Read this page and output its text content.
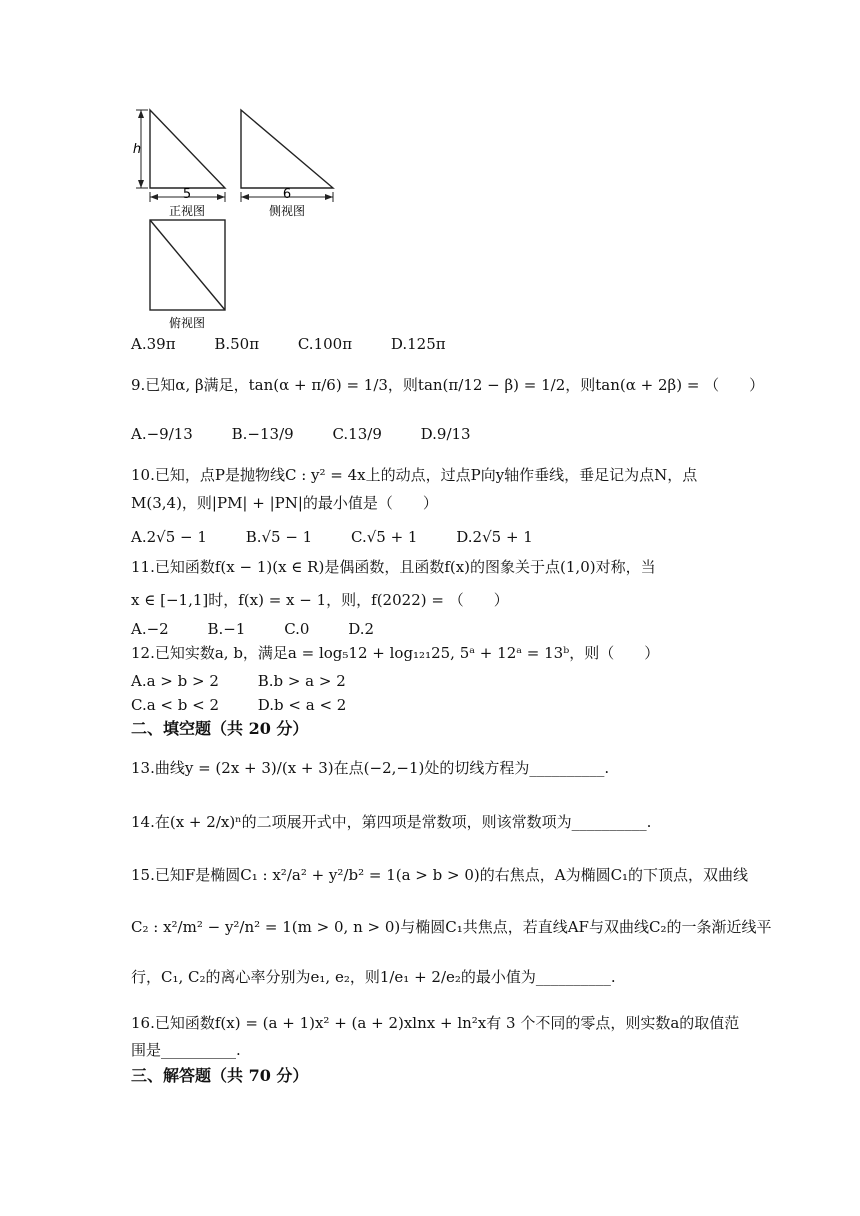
h
5
正视图
6
侧视图
俯视图
A.39π	B.50π	C.100π	D.125π
9.已知α, β满足，tan(α + π/6) = 1/3，则tan(π/12 − β) = 1/2，则tan(α + 2β) = （　　）
A.−9/13	B.−13/9	C.13/9	D.9/13
10.已知，点P是抛物线C : y² = 4x上的动点，过点P向y轴作垂线，垂足记为点N，点
M(3,4)，则|PM| + |PN|的最小值是（　　）
A.2√5 − 1	B.√5 − 1	C.√5 + 1	D.2√5 + 1
11.已知函数f(x − 1)(x ∈ R)是偶函数，且函数f(x)的图象关于点(1,0)对称，当
x ∈ [−1,1]时，f(x) = x − 1，则，f(2022) = （　　）
A.−2	B.−1	C.0	D.2
12.已知实数a, b，满足a = log₅12 + log₁₂₁25, 5ᵃ + 12ᵃ = 13ᵇ，则（　　）
A.a > b > 2	B.b > a > 2
C.a < b < 2	D.b < a < 2
二、填空题（共 20 分）
13.曲线y = (2x + 3)/(x + 3)在点(−2,−1)处的切线方程为__________.
14.在(x + 2/x)ⁿ的二项展开式中，第四项是常数项，则该常数项为__________.
15.已知F是椭圆C₁ : x²/a² + y²/b² = 1(a > b > 0)的右焦点，A为椭圆C₁的下顶点，双曲线
C₂ : x²/m² − y²/n² = 1(m > 0, n > 0)与椭圆C₁共焦点，若直线AF与双曲线C₂的一条渐近线平
行，C₁, C₂的离心率分别为e₁, e₂，则1/e₁ + 2/e₂的最小值为__________.
16.已知函数f(x) = (a + 1)x² + (a + 2)xlnx + ln²x有 3 个不同的零点，则实数a的取值范
围是__________.
三、解答题（共 70 分）
